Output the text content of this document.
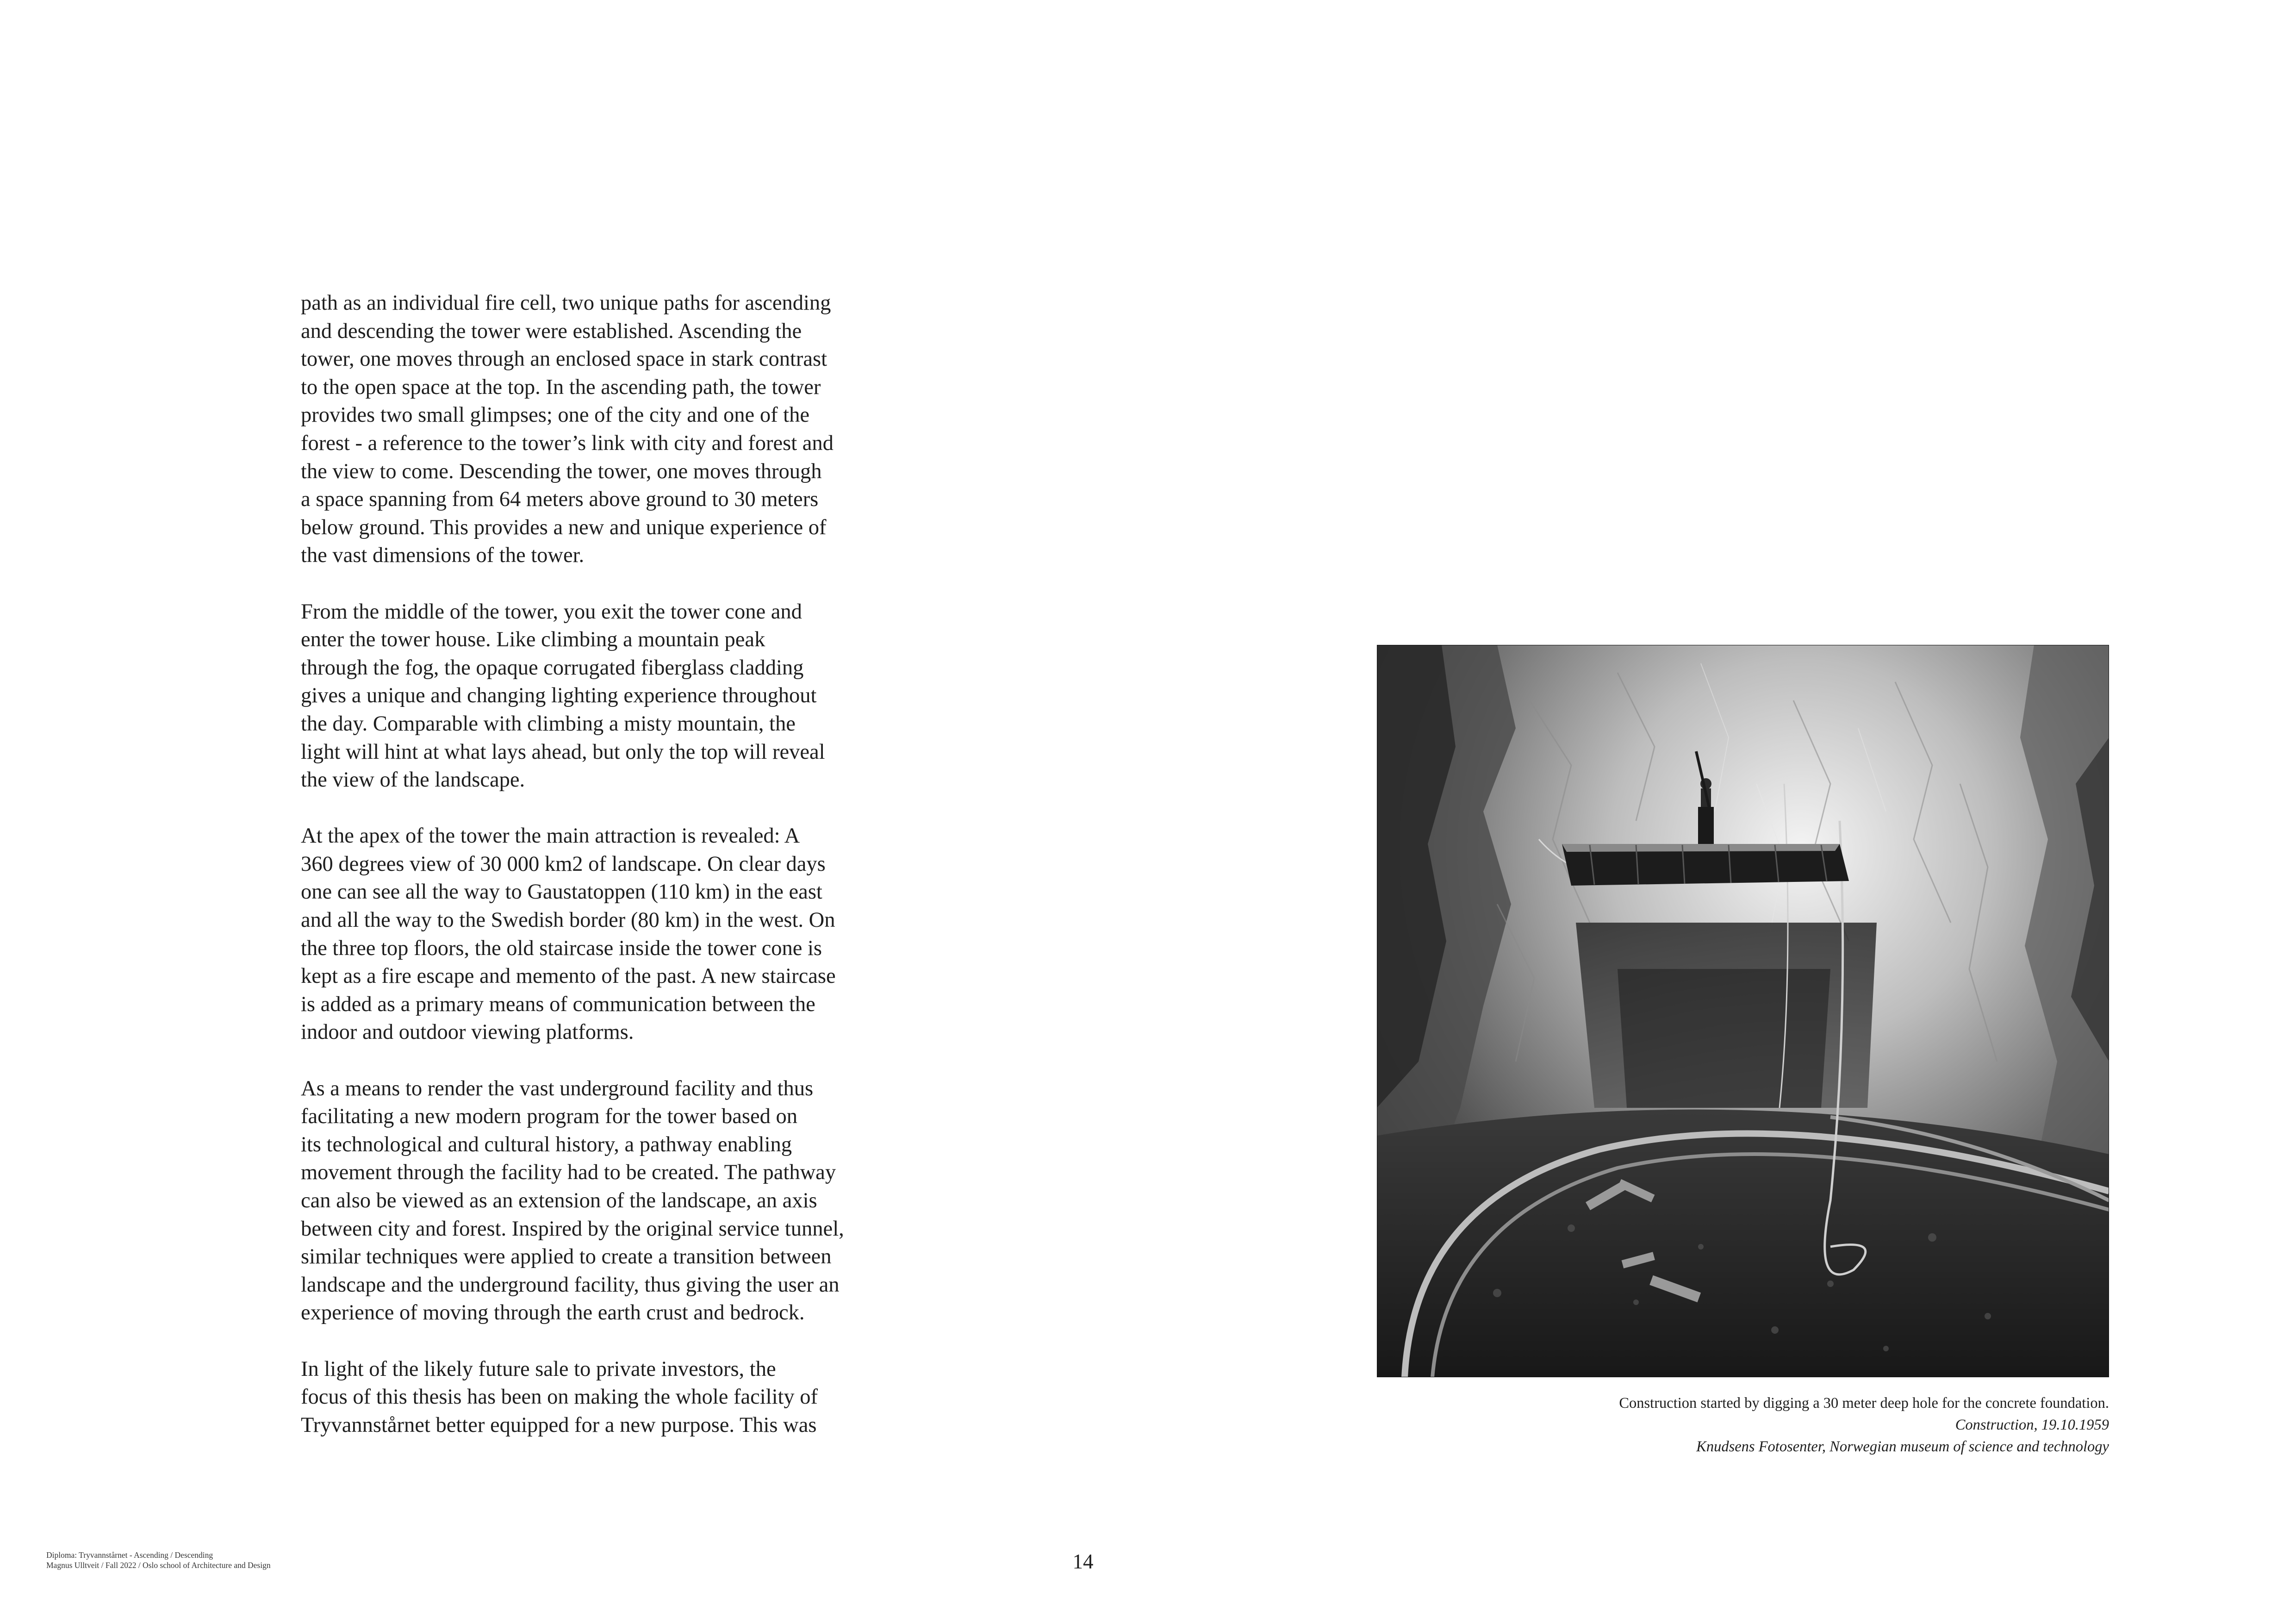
path as an individual fire cell, two unique paths for ascending
and descending the tower were established. Ascending the
tower, one moves through an enclosed space in stark contrast
to the open space at the top. In the ascending path, the tower
provides two small glimpses; one of the city and one of the
forest - a reference to the tower’s link with city and forest and
the view to come. Descending the tower, one moves through
a space spanning from 64 meters above ground to 30 meters
below ground. This provides a new and unique experience of
the vast dimensions of the tower.

From the middle of the tower, you exit the tower cone and
enter the tower house. Like climbing a mountain peak
through the fog, the opaque corrugated fiberglass cladding
gives a unique and changing lighting experience throughout
the day. Comparable with climbing a misty mountain, the
light will hint at what lays ahead, but only the top will reveal
the view of the landscape.

At the apex of the tower the main attraction is revealed: A
360 degrees view of 30 000 km2 of landscape. On clear days
one can see all the way to Gaustatoppen (110 km) in the east
and all the way to the Swedish border (80 km) in the west. On
the three top floors, the old staircase inside the tower cone is
kept as a fire escape and memento of the past. A new staircase
is added as a primary means of communication between the
indoor and outdoor viewing platforms.

As a means to render the vast underground facility and thus
facilitating a new modern program for the tower based on
its technological and cultural history, a pathway enabling
movement through the facility had to be created. The pathway
can also be viewed as an extension of the landscape, an axis
between city and forest. Inspired by the original service tunnel,
similar techniques were applied to create a transition between
landscape and the underground facility, thus giving the user an
experience of moving through the earth crust and bedrock.

In light of the likely future sale to private investors, the
focus of this thesis has been on making the whole facility of
Tryvannstårnet better equipped for a new purpose. This was

Construction started by digging a 30 meter deep hole for the concrete foundation.
Construction, 19.10.1959
Knudsens Fotosenter, Norwegian museum of science and technology
Diploma: Tryvannstårnet - Ascending / Descending
Magnus Ulltveit / Fall 2022 / Oslo school of Architecture and Design	14
